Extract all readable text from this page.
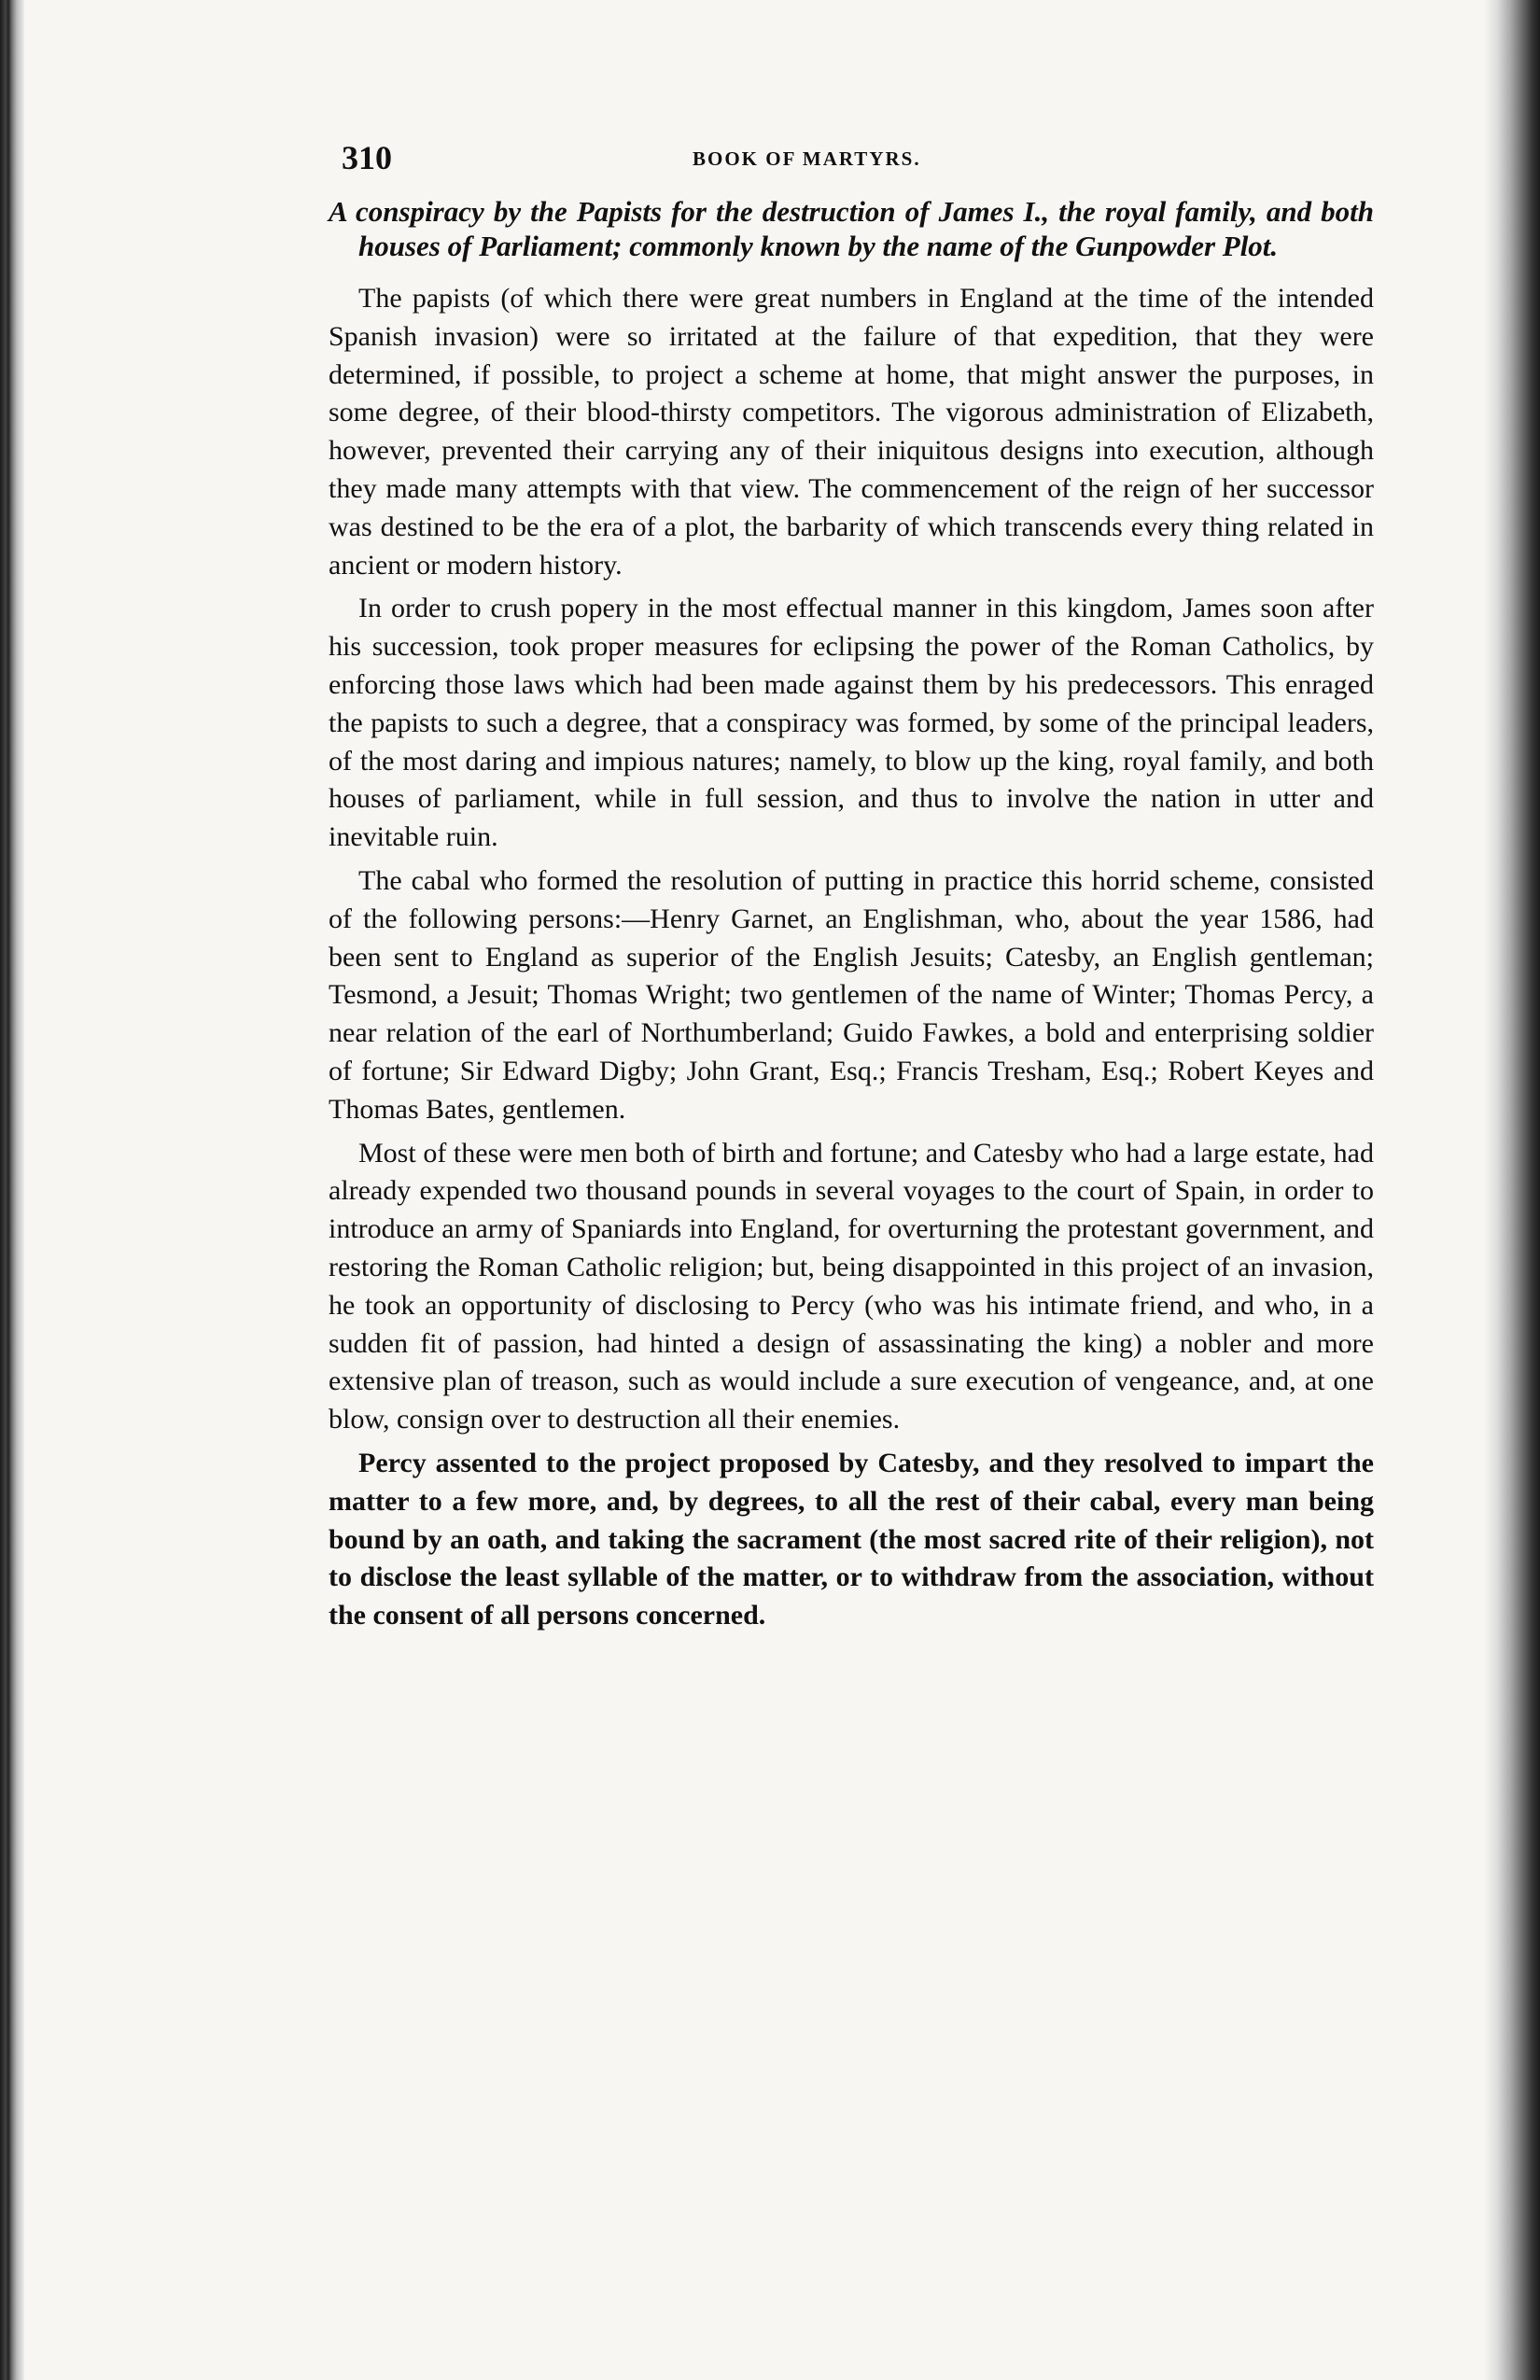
310	BOOK OF MARTYRS.

A conspiracy by the Papists for the destruction of James I., the royal family, and both houses of Parliament; commonly known by the name of the Gunpowder Plot.

The papists (of which there were great numbers in England at the time of the intended Spanish invasion) were so irritated at the failure of that expedition, that they were determined, if possible, to project a scheme at home, that might answer the purposes, in some degree, of their blood-thirsty competitors. The vigorous administration of Elizabeth, however, prevented their carrying any of their iniquitous designs into execution, although they made many attempts with that view. The commencement of the reign of her successor was destined to be the era of a plot, the barbarity of which transcends every thing related in ancient or modern history.

In order to crush popery in the most effectual manner in this kingdom, James soon after his succession, took proper measures for eclipsing the power of the Roman Catholics, by enforcing those laws which had been made against them by his predecessors. This enraged the papists to such a degree, that a conspiracy was formed, by some of the principal leaders, of the most daring and impious natures; namely, to blow up the king, royal family, and both houses of parliament, while in full session, and thus to involve the nation in utter and inevitable ruin.

The cabal who formed the resolution of putting in practice this horrid scheme, consisted of the following persons:—Henry Garnet, an Englishman, who, about the year 1586, had been sent to England as superior of the English Jesuits; Catesby, an English gentleman; Tesmond, a Jesuit; Thomas Wright; two gentlemen of the name of Winter; Thomas Percy, a near relation of the earl of Northumberland; Guido Fawkes, a bold and enterprising soldier of fortune; Sir Edward Digby; John Grant, Esq.; Francis Tresham, Esq.; Robert Keyes and Thomas Bates, gentlemen.

Most of these were men both of birth and fortune; and Catesby who had a large estate, had already expended two thousand pounds in several voyages to the court of Spain, in order to introduce an army of Spaniards into England, for overturning the protestant government, and restoring the Roman Catholic religion; but, being disappointed in this project of an invasion, he took an opportunity of disclosing to Percy (who was his intimate friend, and who, in a sudden fit of passion, had hinted a design of assassinating the king) a nobler and more extensive plan of treason, such as would include a sure execution of vengeance, and, at one blow, consign over to destruction all their enemies.

Percy assented to the project proposed by Catesby, and they resolved to impart the matter to a few more, and, by degrees, to all the rest of their cabal, every man being bound by an oath, and taking the sacrament (the most sacred rite of their religion), not to disclose the least syllable of the matter, or to withdraw from the association, without the consent of all persons concerned.
